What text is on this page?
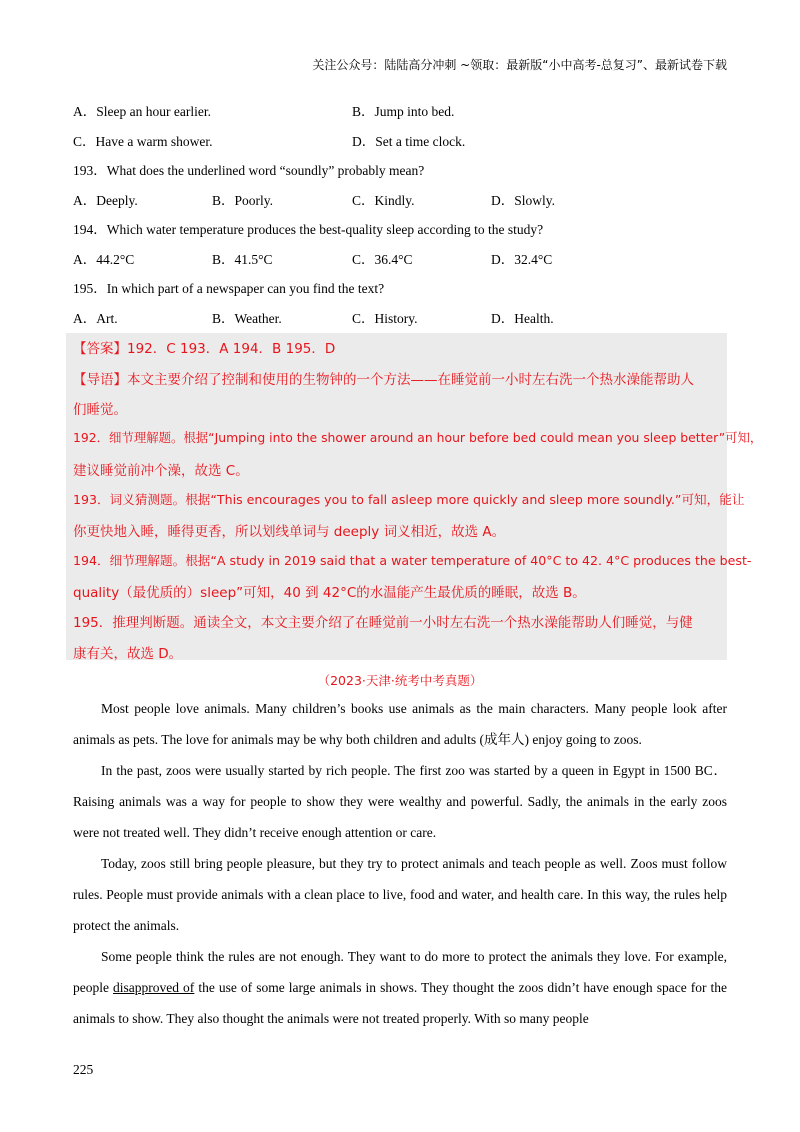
关注公众号：陆陆高分冲刺 ~领取：最新版“小中高考-总复习”、最新试卷下载
A．Sleep an hour earlier.	B．Jump into bed.
C．Have a warm shower.	D．Set a time clock.
193．What does the underlined word “soundly” probably mean?
A．Deeply.	B．Poorly.	C．Kindly.	D．Slowly.
194．Which water temperature produces the best-quality sleep according to the study?
A．44.2°C	B．41.5°C	C．36.4°C	D．32.4°C
195．In which part of a newspaper can you find the text?
A．Art.	B．Weather.	C．History.	D．Health.
【答案】192．C 193．A 194．B 195．D
【导语】本文主要介绍了控制和使用的生物钟的一个方法——在睡觉前一小时左右洗一个热水澡能帮助人
们睡觉。
192．细节理解题。根据“Jumping into the shower around an hour before bed could mean you sleep better”可知，
建议睡觉前冲个澡，故选 C。
193．词义猜测题。根据“This encourages you to fall asleep more quickly and sleep more soundly.”可知，能让
你更快地入睡，睡得更香，所以划线单词与 deeply 词义相近，故选 A。
194．细节理解题。根据“A study in 2019 said that a water temperature of 40°C to 42. 4°C produces the best-
quality（最优质的）sleep”可知，40 到 42°C的水温能产生最优质的睡眠，故选 B。
195．推理判断题。通读全文，本文主要介绍了在睡觉前一小时左右洗一个热水澡能帮助人们睡觉，与健
康有关，故选 D。
（2023·天津·统考中考真题）
Most people love animals. Many children’s books use animals as the main characters. Many people look after animals as pets. The love for animals may be why both children and adults (成年人) enjoy going to zoos.
In the past, zoos were usually started by rich people. The first zoo was started by a queen in Egypt in 1500 BC． Raising animals was a way for people to show they were wealthy and powerful. Sadly, the animals in the early zoos were not treated well. They didn’t receive enough attention or care.
Today, zoos still bring people pleasure, but they try to protect animals and teach people as well. Zoos must follow rules. People must provide animals with a clean place to live, food and water, and health care. In this way, the rules help protect the animals.
Some people think the rules are not enough. They want to do more to protect the animals they love. For example, people disapproved of the use of some large animals in shows. They thought the zoos didn’t have enough space for the animals to show. They also thought the animals were not treated properly. With so many people
225
